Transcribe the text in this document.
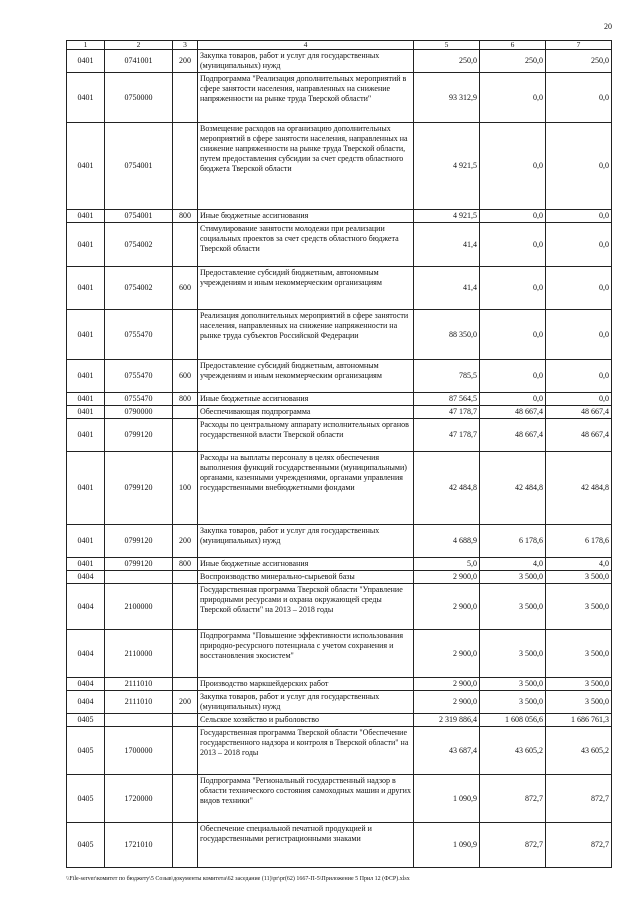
20
1	2	3	4	5	6	7
0401	0741001	200	Закупка товаров, работ и услуг для государственных (муниципальных) нужд	250,0	250,0	250,0
0401	0750000		Подпрограмма "Реализация дополнительных мероприятий в сфере занятости населения, направленных на снижение напряженности на рынке труда Тверской области"	93 312,9	0,0	0,0
0401	0754001		Возмещение расходов на организацию дополнительных мероприятий в сфере занятости населения, направленных на снижение напряженности на рынке труда Тверской области, путем предоставления субсидии за счет средств областного бюджета Тверской области	4 921,5	0,0	0,0
0401	0754001	800	Иные бюджетные ассигнования	4 921,5	0,0	0,0
0401	0754002		Стимулирование занятости молодежи при реализации социальных проектов за счет средств областного бюджета Тверской области	41,4	0,0	0,0
0401	0754002	600	Предоставление субсидий бюджетным, автономным учреждениям и иным некоммерческим организациям	41,4	0,0	0,0
0401	0755470		Реализация дополнительных мероприятий в сфере занятости населения, направленных на снижение напряженности на рынке труда субъектов Российской Федерации	88 350,0	0,0	0,0
0401	0755470	600	Предоставление субсидий бюджетным, автономным учреждениям и иным некоммерческим организациям	785,5	0,0	0,0
0401	0755470	800	Иные бюджетные ассигнования	87 564,5	0,0	0,0
0401	0790000		Обеспечивающая подпрограмма	47 178,7	48 667,4	48 667,4
0401	0799120		Расходы по центральному аппарату исполнительных органов государственной власти Тверской области	47 178,7	48 667,4	48 667,4
0401	0799120	100	Расходы на выплаты персоналу в целях обеспечения выполнения функций государственными (муниципальными) органами, казенными учреждениями, органами управления государственными внебюджетными фондами	42 484,8	42 484,8	42 484,8
0401	0799120	200	Закупка товаров, работ и услуг для государственных (муниципальных) нужд	4 688,9	6 178,6	6 178,6
0401	0799120	800	Иные бюджетные ассигнования	5,0	4,0	4,0
0404			Воспроизводство минерально-сырьевой базы	2 900,0	3 500,0	3 500,0
0404	2100000		Государственная программа Тверской области "Управление природными ресурсами и охрана окружающей среды Тверской области" на 2013 – 2018 годы	2 900,0	3 500,0	3 500,0
0404	2110000		Подпрограмма "Повышение эффективности использования природно-ресурсного потенциала с учетом сохранения и восстановления экосистем"	2 900,0	3 500,0	3 500,0
0404	2111010		Производство маркшейдерских работ	2 900,0	3 500,0	3 500,0
0404	2111010	200	Закупка товаров, работ и услуг для государственных (муниципальных) нужд	2 900,0	3 500,0	3 500,0
0405			Сельское хозяйство и рыболовство	2 319 886,4	1 608 056,6	1 686 761,3
0405	1700000		Государственная программа Тверской области "Обеспечение государственного надзора и контроля в Тверской области" на 2013 – 2018 годы	43 687,4	43 605,2	43 605,2
0405	1720000		Подпрограмма "Региональный государственный надзор в области технического состояния самоходных машин и других видов техники"	1 090,9	872,7	872,7
0405	1721010		Обеспечение специальной печатной продукцией и государственными регистрационными знаками	1 090,9	872,7	872,7
\\File-server\комитет по бюджету\5 Созыв\документы комитета\62 заседание (11)\pr\pr(62) 1667-П-5\Приложение 5 Прил 12 (ФСР).xlsx
